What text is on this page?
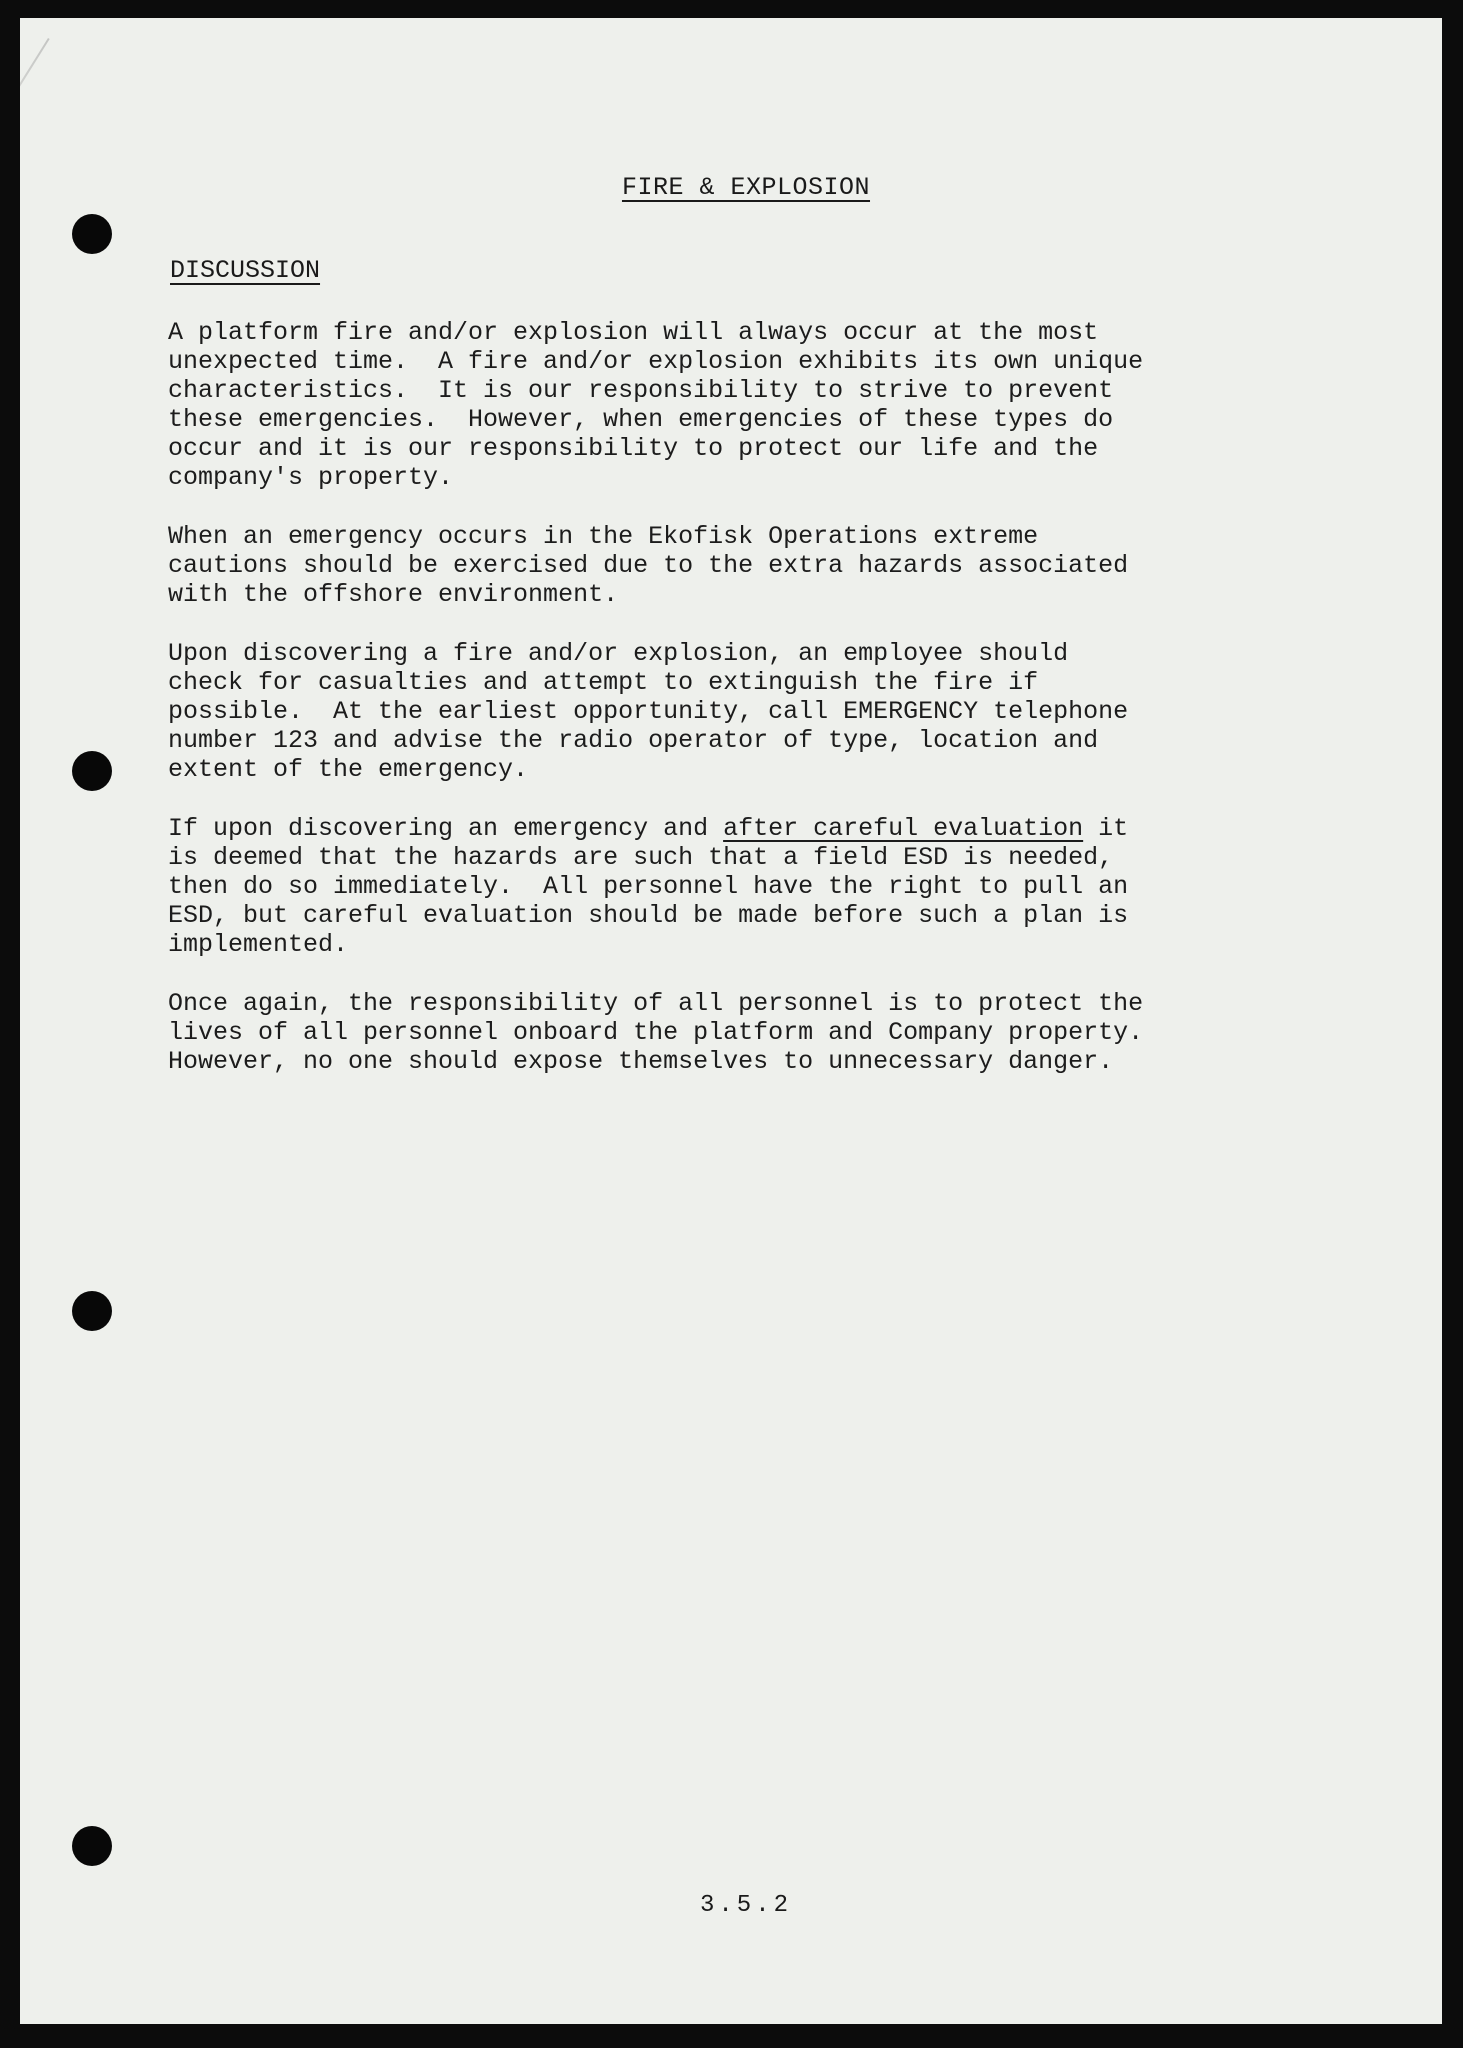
FIRE & EXPLOSION
DISCUSSION
A platform fire and/or explosion will always occur at the most
unexpected time.  A fire and/or explosion exhibits its own unique
characteristics.  It is our responsibility to strive to prevent
these emergencies.  However, when emergencies of these types do
occur and it is our responsibility to protect our life and the
company's property.
When an emergency occurs in the Ekofisk Operations extreme
cautions should be exercised due to the extra hazards associated
with the offshore environment.
Upon discovering a fire and/or explosion, an employee should
check for casualties and attempt to extinguish the fire if
possible.  At the earliest opportunity, call EMERGENCY telephone
number 123 and advise the radio operator of type, location and
extent of the emergency.
If upon discovering an emergency and after careful evaluation it
is deemed that the hazards are such that a field ESD is needed,
then do so immediately.  All personnel have the right to pull an
ESD, but careful evaluation should be made before such a plan is
implemented.
Once again, the responsibility of all personnel is to protect the
lives of all personnel onboard the platform and Company property.
However, no one should expose themselves to unnecessary danger.
3.5.2
